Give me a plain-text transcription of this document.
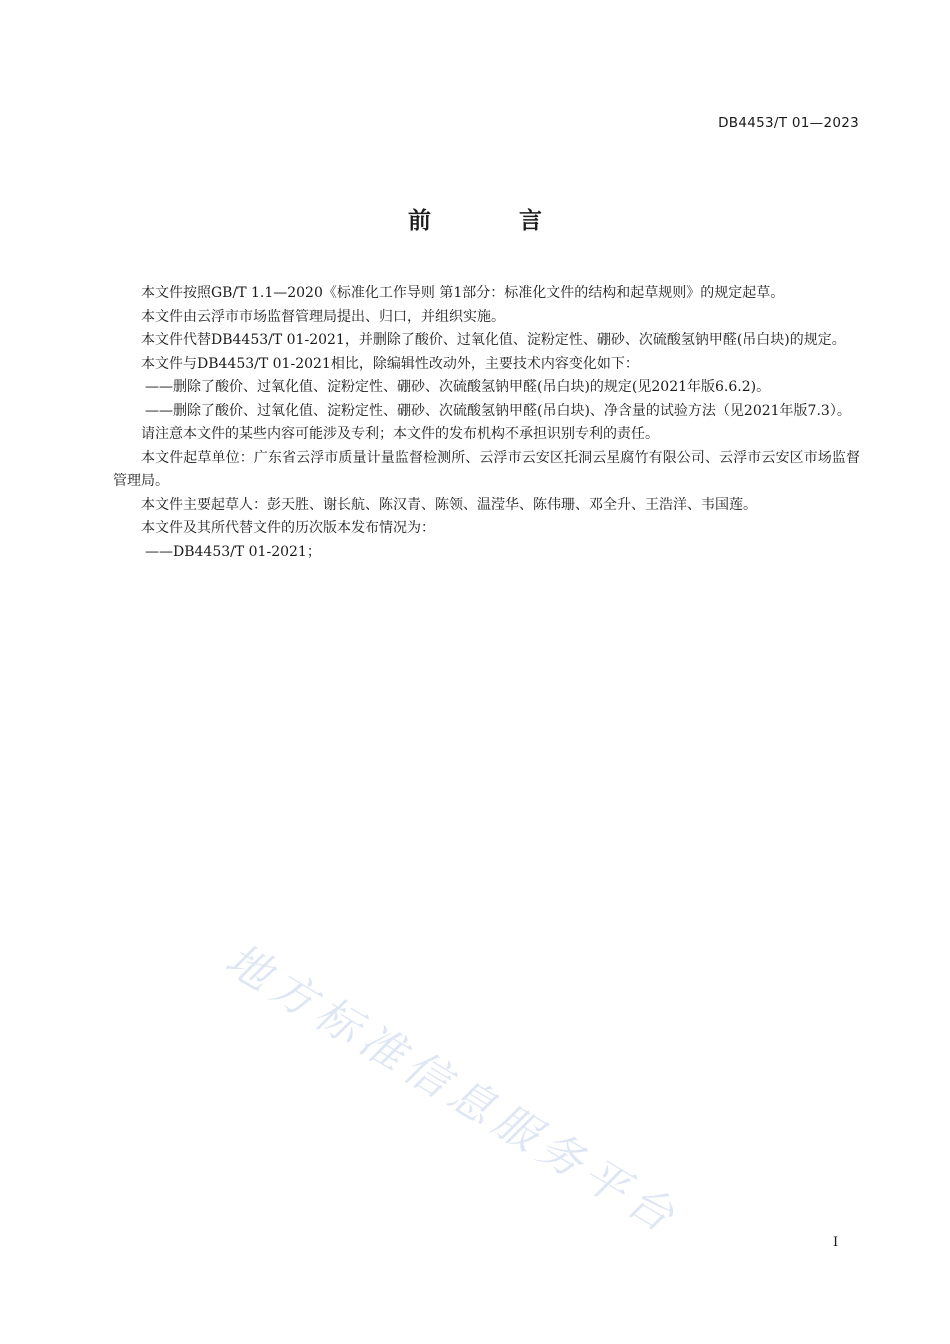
DB4453/T 01—2023
前 言

本文件按照GB/T 1.1—2020《标准化工作导则 第1部分：标准化文件的结构和起草规则》的规定起草。

本文件由云浮市市场监督管理局提出、归口，并组织实施。

本文件代替DB4453/T 01-2021，并删除了酸价、过氧化值、淀粉定性、硼砂、次硫酸氢钠甲醛(吊白块)的规定。

本文件与DB4453/T 01-2021相比，除编辑性改动外，主要技术内容变化如下：

——删除了酸价、过氧化值、淀粉定性、硼砂、次硫酸氢钠甲醛(吊白块)的规定(见2021年版6.6.2)。

——删除了酸价、过氧化值、淀粉定性、硼砂、次硫酸氢钠甲醛(吊白块)、净含量的试验方法（见2021年版7.3）。

请注意本文件的某些内容可能涉及专利；本文件的发布机构不承担识别专利的责任。

本文件起草单位：广东省云浮市质量计量监督检测所、云浮市云安区托洞云星腐竹有限公司、云浮市云安区市场监督管理局。

本文件主要起草人：彭天胜、谢长航、陈汉青、陈领、温滢华、陈伟珊、邓全升、王浩洋、韦国莲。

本文件及其所代替文件的历次版本发布情况为：

——DB4453/T 01-2021；

地方标准信息服务平台	I
